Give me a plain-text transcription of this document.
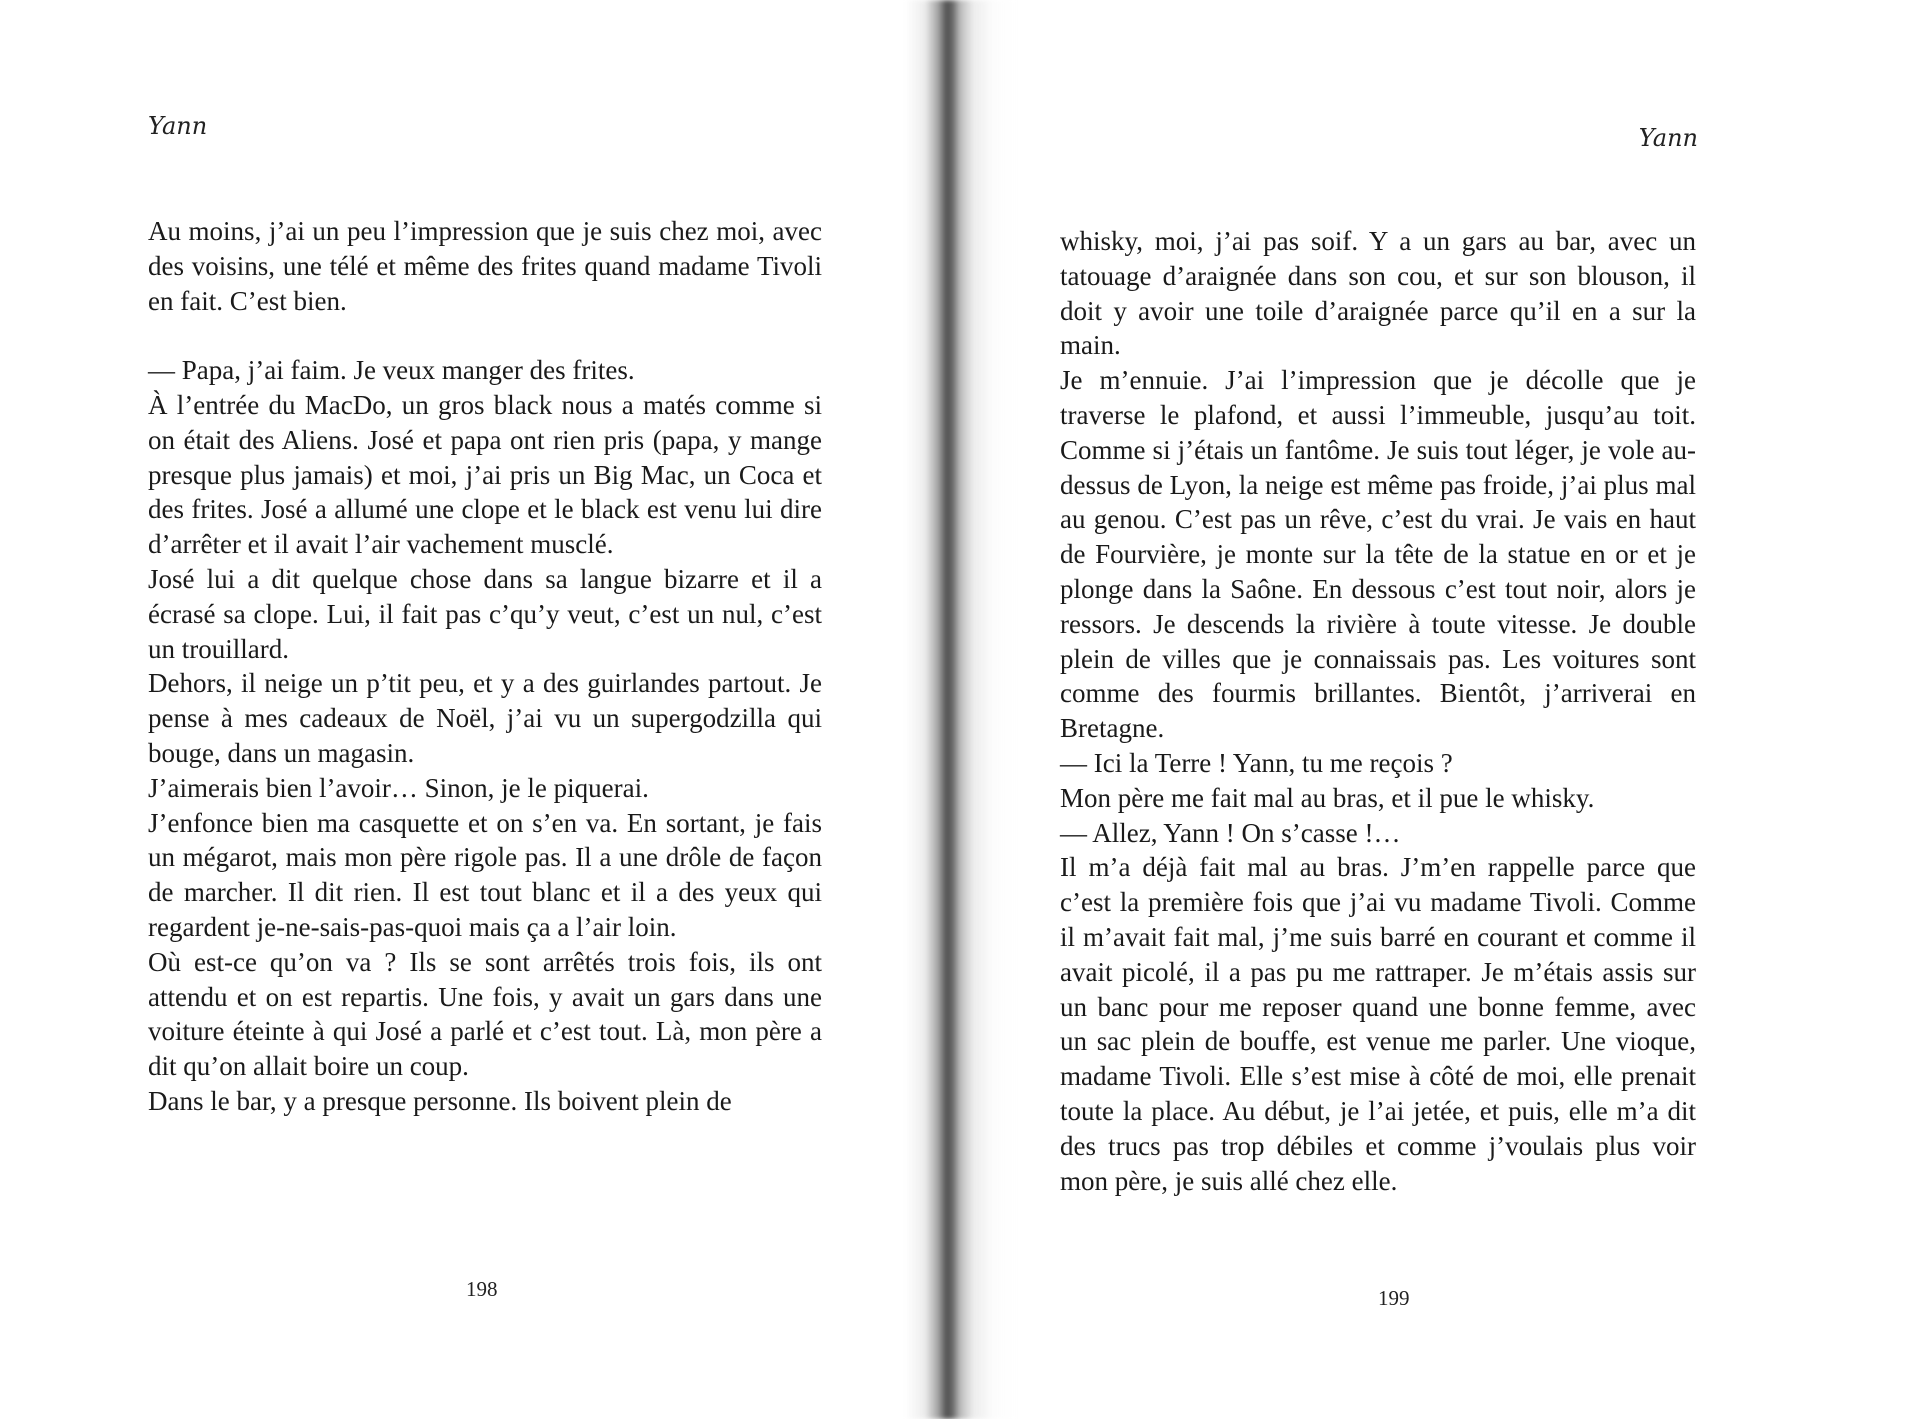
Yann

Au moins, j’ai un peu l’impression que je suis chez moi, avec des voisins, une télé et même des frites quand madame Tivoli en fait. C’est bien.

— Papa, j’ai faim. Je veux manger des frites.

À l’entrée du MacDo, un gros black nous a matés comme si on était des Aliens. José et papa ont rien pris (papa, y mange presque plus jamais) et moi, j’ai pris un Big Mac, un Coca et des frites. José a allumé une clope et le black est venu lui dire d’arrêter et il avait l’air vachement musclé.

José lui a dit quelque chose dans sa langue bizarre et il a écrasé sa clope. Lui, il fait pas c’qu’y veut, c’est un nul, c’est un trouillard.

Dehors, il neige un p’tit peu, et y a des guirlandes partout. Je pense à mes cadeaux de Noël, j’ai vu un supergodzilla qui bouge, dans un magasin.

J’aimerais bien l’avoir… Sinon, je le piquerai.

J’enfonce bien ma casquette et on s’en va. En sortant, je fais un mégarot, mais mon père rigole pas. Il a une drôle de façon de marcher. Il dit rien. Il est tout blanc et il a des yeux qui regardent je-ne-sais-pas-quoi mais ça a l’air loin.

Où est-ce qu’on va ? Ils se sont arrêtés trois fois, ils ont attendu et on est repartis. Une fois, y avait un gars dans une voiture éteinte à qui José a parlé et c’est tout. Là, mon père a dit qu’on allait boire un coup.

Dans le bar, y a presque personne. Ils boivent plein de

198

Yann

whisky, moi, j’ai pas soif. Y a un gars au bar, avec un tatouage d’araignée dans son cou, et sur son blouson, il doit y avoir une toile d’araignée parce qu’il en a sur la main.

Je m’ennuie. J’ai l’impression que je décolle que je traverse le plafond, et aussi l’immeuble, jusqu’au toit. Comme si j’étais un fantôme. Je suis tout léger, je vole au-dessus de Lyon, la neige est même pas froide, j’ai plus mal au genou. C’est pas un rêve, c’est du vrai. Je vais en haut de Fourvière, je monte sur la tête de la statue en or et je plonge dans la Saône. En dessous c’est tout noir, alors je ressors. Je descends la rivière à toute vitesse. Je double plein de villes que je connaissais pas. Les voitures sont comme des fourmis brillantes. Bientôt, j’arriverai en Bretagne.

— Ici la Terre ! Yann, tu me reçois ?

Mon père me fait mal au bras, et il pue le whisky.

— Allez, Yann ! On s’casse !…

Il m’a déjà fait mal au bras. J’m’en rappelle parce que c’est la première fois que j’ai vu madame Tivoli. Comme il m’avait fait mal, j’me suis barré en courant et comme il avait picolé, il a pas pu me rattraper. Je m’étais assis sur un banc pour me reposer quand une bonne femme, avec un sac plein de bouffe, est venue me parler. Une vioque, madame Tivoli. Elle s’est mise à côté de moi, elle prenait toute la place. Au début, je l’ai jetée, et puis, elle m’a dit des trucs pas trop débiles et comme j’voulais plus voir mon père, je suis allé chez elle.

199
